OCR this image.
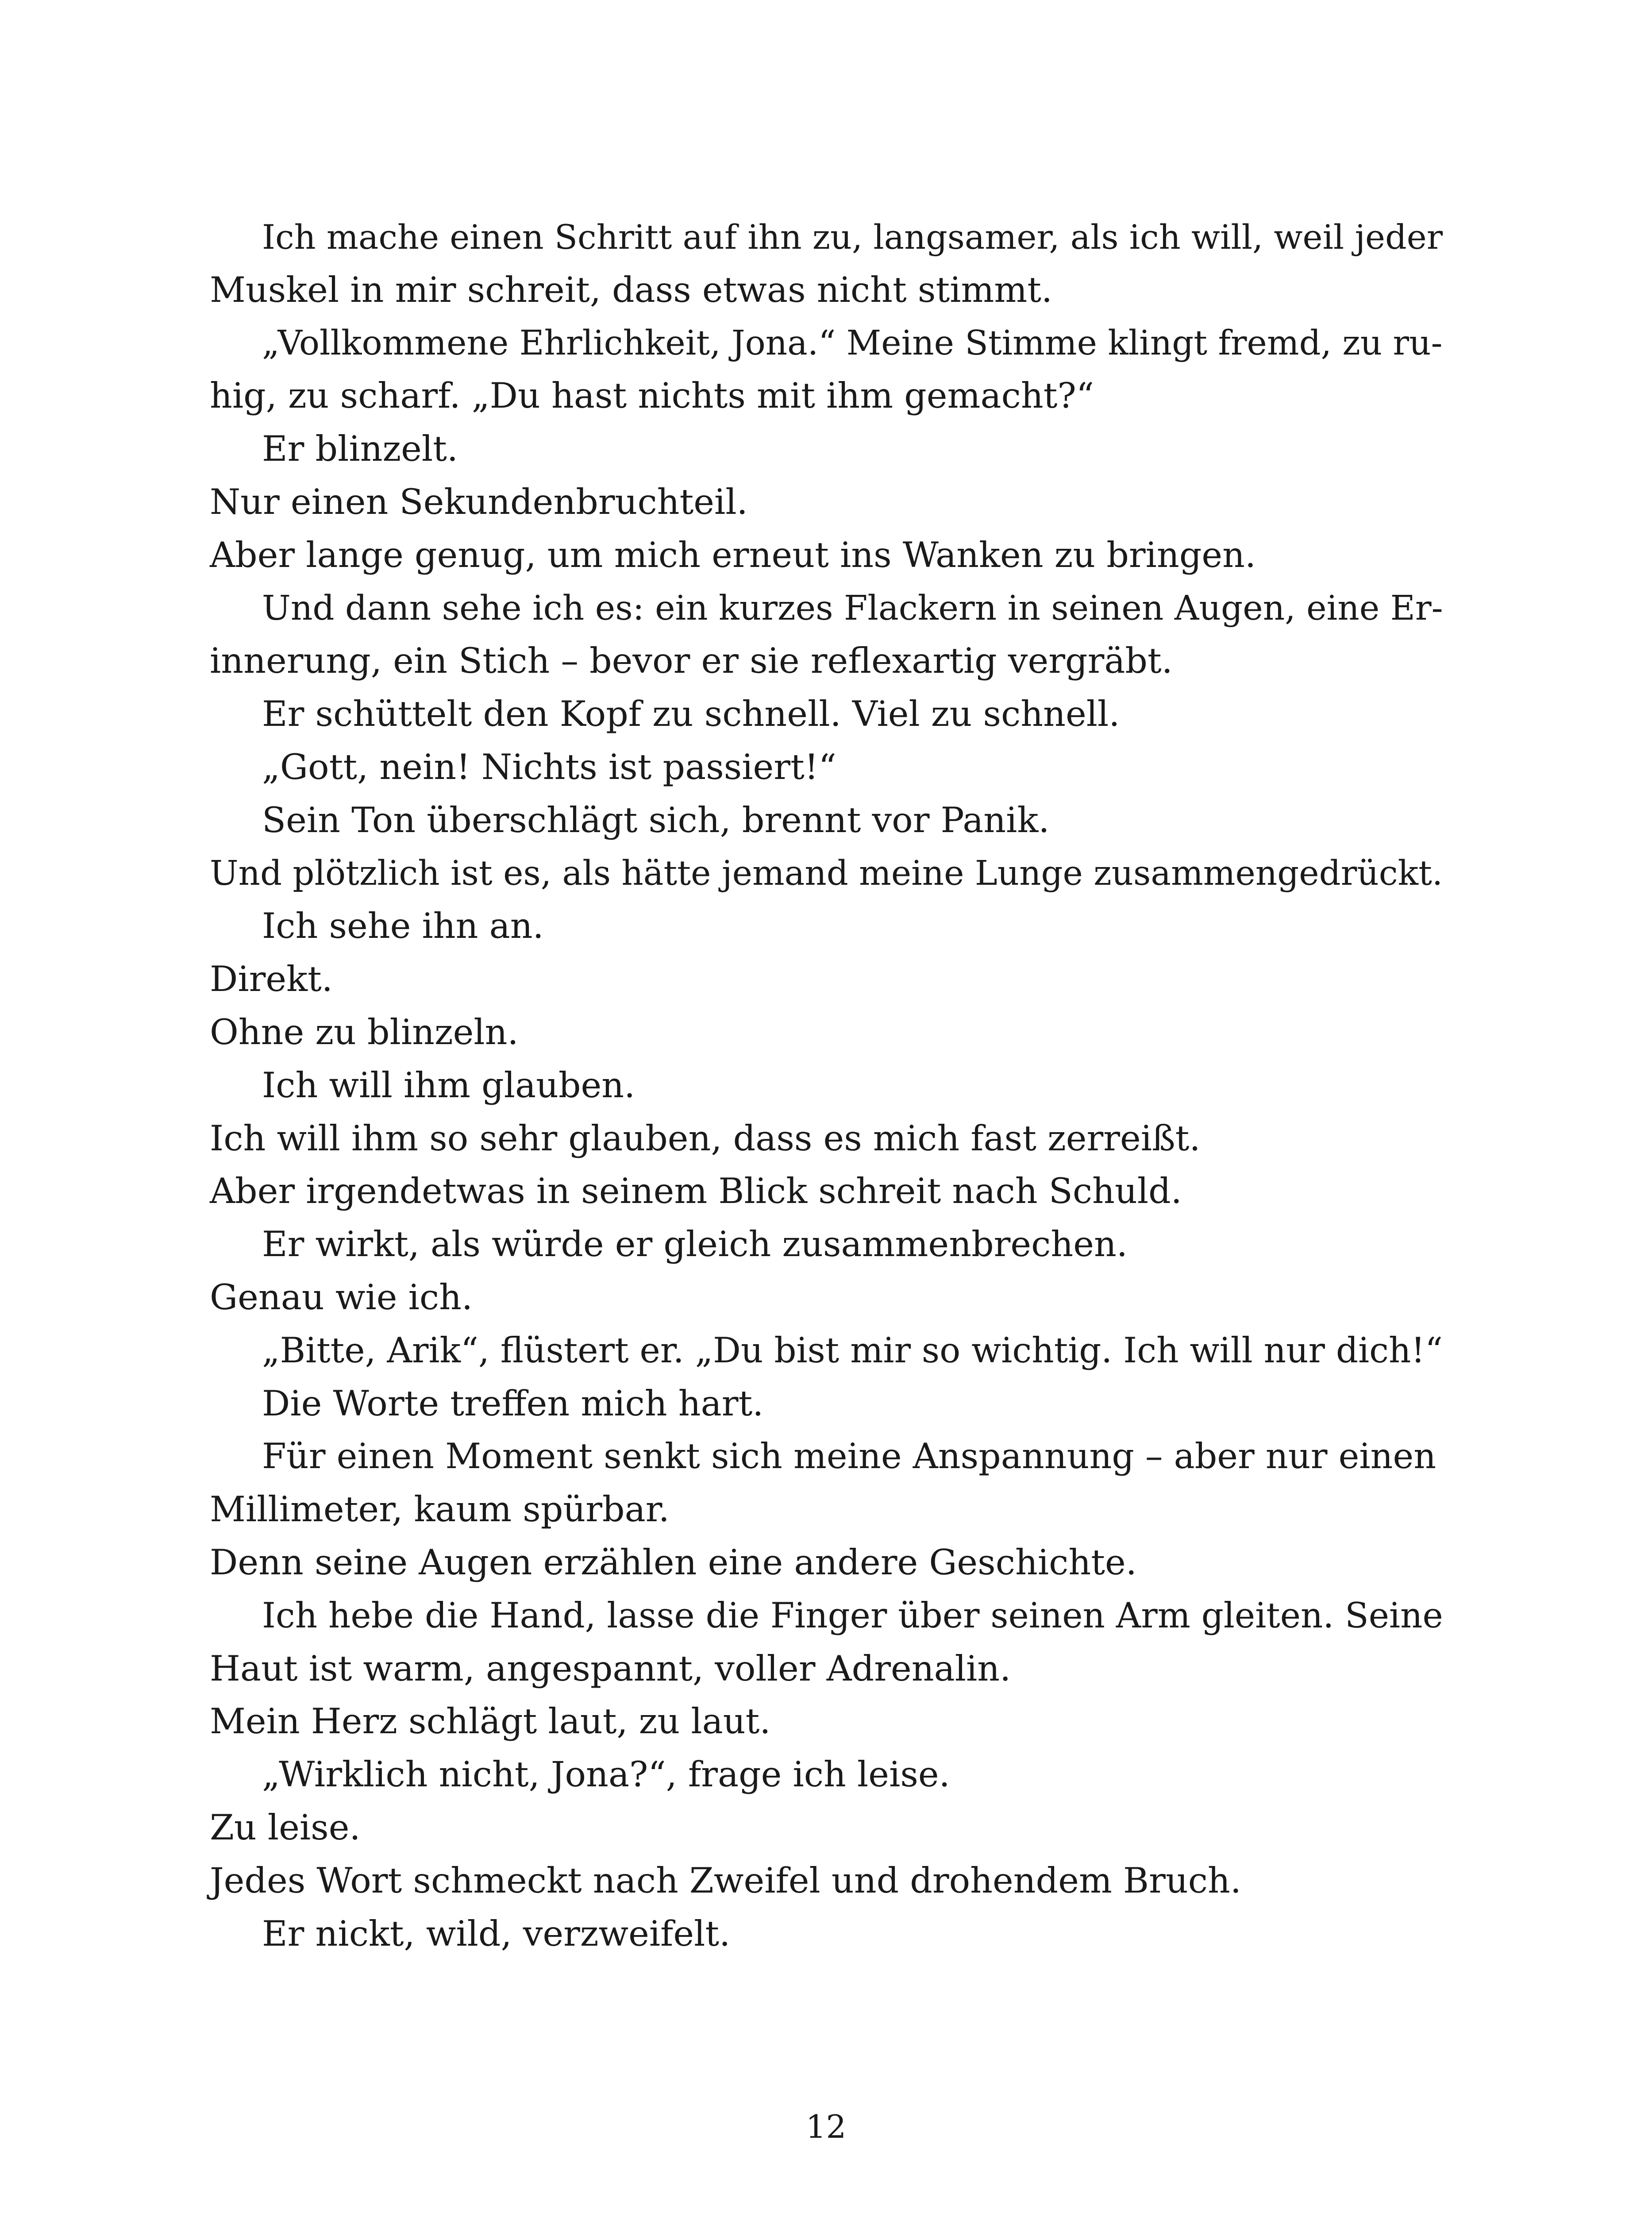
Ich mache einen Schritt auf ihn zu, langsamer, als ich will, weil jeder
Muskel in mir schreit, dass etwas nicht stimmt.
„Vollkommene Ehrlichkeit, Jona.“ Meine Stimme klingt fremd, zu ru-
hig, zu scharf. „Du hast nichts mit ihm gemacht?“
Er blinzelt.
Nur einen Sekundenbruchteil.
Aber lange genug, um mich erneut ins Wanken zu bringen.
Und dann sehe ich es: ein kurzes Flackern in seinen Augen, eine Er-
innerung, ein Stich – bevor er sie reflexartig vergräbt.
Er schüttelt den Kopf zu schnell. Viel zu schnell.
„Gott, nein! Nichts ist passiert!“
Sein Ton überschlägt sich, brennt vor Panik.
Und plötzlich ist es, als hätte jemand meine Lunge zusammengedrückt.
Ich sehe ihn an.
Direkt.
Ohne zu blinzeln.
Ich will ihm glauben.
Ich will ihm so sehr glauben, dass es mich fast zerreißt.
Aber irgendetwas in seinem Blick schreit nach Schuld.
Er wirkt, als würde er gleich zusammenbrechen.
Genau wie ich.
„Bitte, Arik“, flüstert er. „Du bist mir so wichtig. Ich will nur dich!“
Die Worte treffen mich hart.
Für einen Moment senkt sich meine Anspannung – aber nur einen
Millimeter, kaum spürbar.
Denn seine Augen erzählen eine andere Geschichte.
Ich hebe die Hand, lasse die Finger über seinen Arm gleiten. Seine
Haut ist warm, angespannt, voller Adrenalin.
Mein Herz schlägt laut, zu laut.
„Wirklich nicht, Jona?“, frage ich leise.
Zu leise.
Jedes Wort schmeckt nach Zweifel und drohendem Bruch.
Er nickt, wild, verzweifelt.
12
